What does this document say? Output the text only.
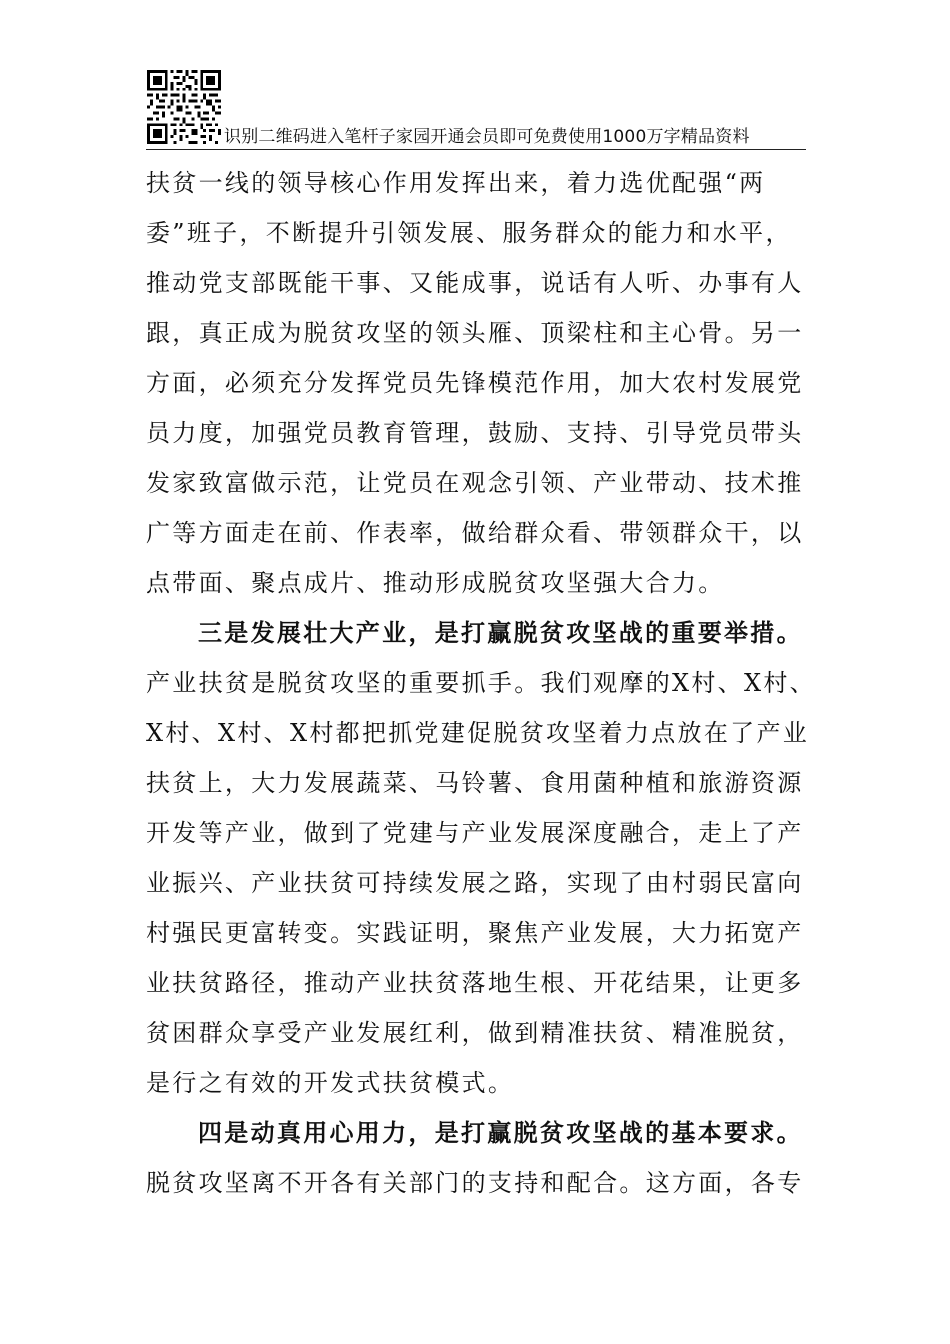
识别二维码进入笔杆子家园开通会员即可免费使用1000万字精品资料
扶贫一线的领导核心作用发挥出来，着力选优配强“两
委”班子，不断提升引领发展、服务群众的能力和水平，
推动党支部既能干事、又能成事，说话有人听、办事有人
跟，真正成为脱贫攻坚的领头雁、顶梁柱和主心骨。另一
方面，必须充分发挥党员先锋模范作用，加大农村发展党
员力度，加强党员教育管理，鼓励、支持、引导党员带头
发家致富做示范，让党员在观念引领、产业带动、技术推
广等方面走在前、作表率，做给群众看、带领群众干，以
点带面、聚点成片、推动形成脱贫攻坚强大合力。
三是发展壮大产业，是打赢脱贫攻坚战的重要举措。
产业扶贫是脱贫攻坚的重要抓手。我们观摩的X村、X村、
X村、X村、X村都把抓党建促脱贫攻坚着力点放在了产业
扶贫上，大力发展蔬菜、马铃薯、食用菌种植和旅游资源
开发等产业，做到了党建与产业发展深度融合，走上了产
业振兴、产业扶贫可持续发展之路，实现了由村弱民富向
村强民更富转变。实践证明，聚焦产业发展，大力拓宽产
业扶贫路径，推动产业扶贫落地生根、开花结果，让更多
贫困群众享受产业发展红利，做到精准扶贫、精准脱贫，
是行之有效的开发式扶贫模式。
四是动真用心用力，是打赢脱贫攻坚战的基本要求。
脱贫攻坚离不开各有关部门的支持和配合。这方面，各专
